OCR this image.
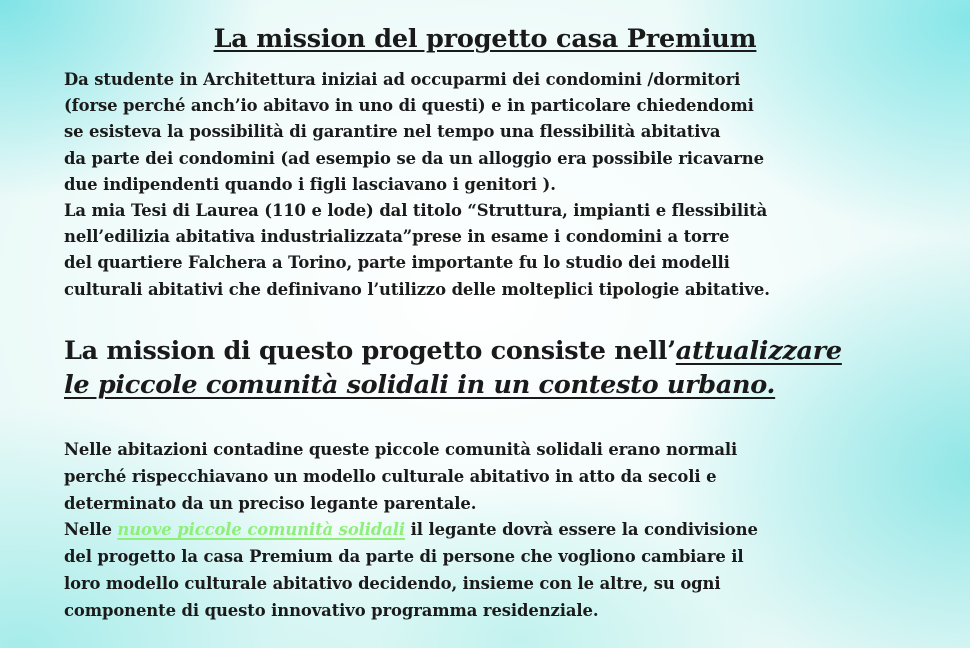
La mission del progetto casa Premium

Da studente in Architettura iniziai ad occuparmi dei condomini /dormitori
(forse perché anch’io abitavo in uno di questi) e in particolare chiedendomi
se esisteva la possibilità di garantire nel tempo una flessibilità abitativa
da parte dei condomini (ad esempio se da un alloggio era possibile ricavarne
due indipendenti quando i figli lasciavano i genitori ).
La mia Tesi di Laurea (110 e lode) dal titolo “Struttura, impianti e flessibilità
nell’edilizia abitativa industrializzata”prese in esame i condomini a torre
del quartiere Falchera a Torino, parte importante fu lo studio dei modelli
culturali abitativi che definivano l’utilizzo delle molteplici tipologie abitative.

La mission di questo progetto consiste nell’attualizzare
le piccole comunità solidali in un contesto urbano.

Nelle abitazioni contadine queste piccole comunità solidali erano normali
perché rispecchiavano un modello culturale abitativo in atto da secoli e
determinato da un preciso legante parentale.
Nelle nuove piccole comunità solidali il legante dovrà essere la condivisione
del progetto la casa Premium da parte di persone che vogliono cambiare il
loro modello culturale abitativo decidendo, insieme con le altre, su ogni
componente di questo innovativo programma residenziale.
